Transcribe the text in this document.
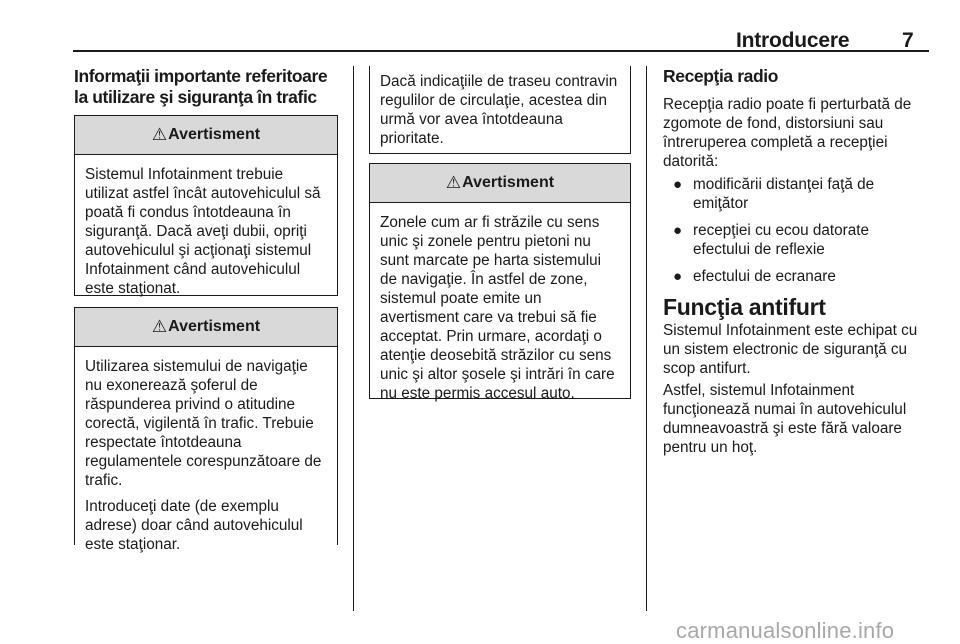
Introducere	7
Informaţii importante referitoare la utilizare şi siguranţa în trafic
⚠ Avertisment

Sistemul Infotainment trebuie utilizat astfel încât autovehiculul să poată fi condus întotdeauna în siguranţă. Dacă aveţi dubii, opriţi autovehiculul şi acţionaţi sistemul Infotainment când autovehiculul este staţionat.

⚠ Avertisment

Utilizarea sistemului de navigaţie nu exonerează şoferul de răspunderea privind o atitudine corectă, vigilentă în trafic. Trebuie respectate întotdeauna regulamentele corespunzătoare de trafic.

Introduceţi date (de exemplu adrese) doar când autovehiculul este staţionar.

Dacă indicaţiile de traseu contravin regulilor de circulaţie, acestea din urmă vor avea întotdeauna prioritate.
⚠ Avertisment

Zonele cum ar fi străzile cu sens unic şi zonele pentru pietoni nu sunt marcate pe harta sistemului de navigaţie. În astfel de zone, sistemul poate emite un avertisment care va trebui să fie acceptat. Prin urmare, acordaţi o atenţie deosebită străzilor cu sens unic şi altor şosele şi intrări în care nu este permis accesul auto.

Recepţia radio

Recepţia radio poate fi perturbată de zgomote de fond, distorsiuni sau întreruperea completă a recepţiei datorită:

● modificării distanţei faţă de emiţător
● recepţiei cu ecou datorate efectului de reflexie
● efectului de ecranare
Funcţia antifurt

Sistemul Infotainment este echipat cu un sistem electronic de siguranţă cu scop antifurt.

Astfel, sistemul Infotainment funcţionează numai în autovehiculul dumneavoastră şi este fără valoare pentru un hoţ.

carmanualsonline.info
